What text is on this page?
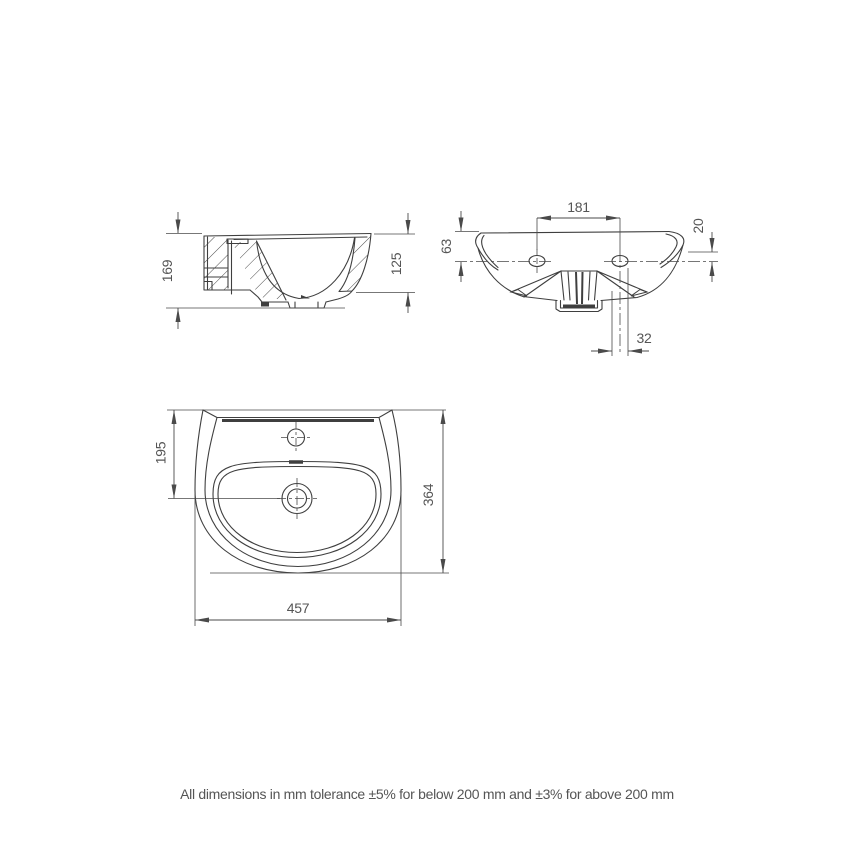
169	125
181
63
20
32
195
364
457
All dimensions in mm tolerance ±5% for below 200 mm and ±3% for above 200 mm
